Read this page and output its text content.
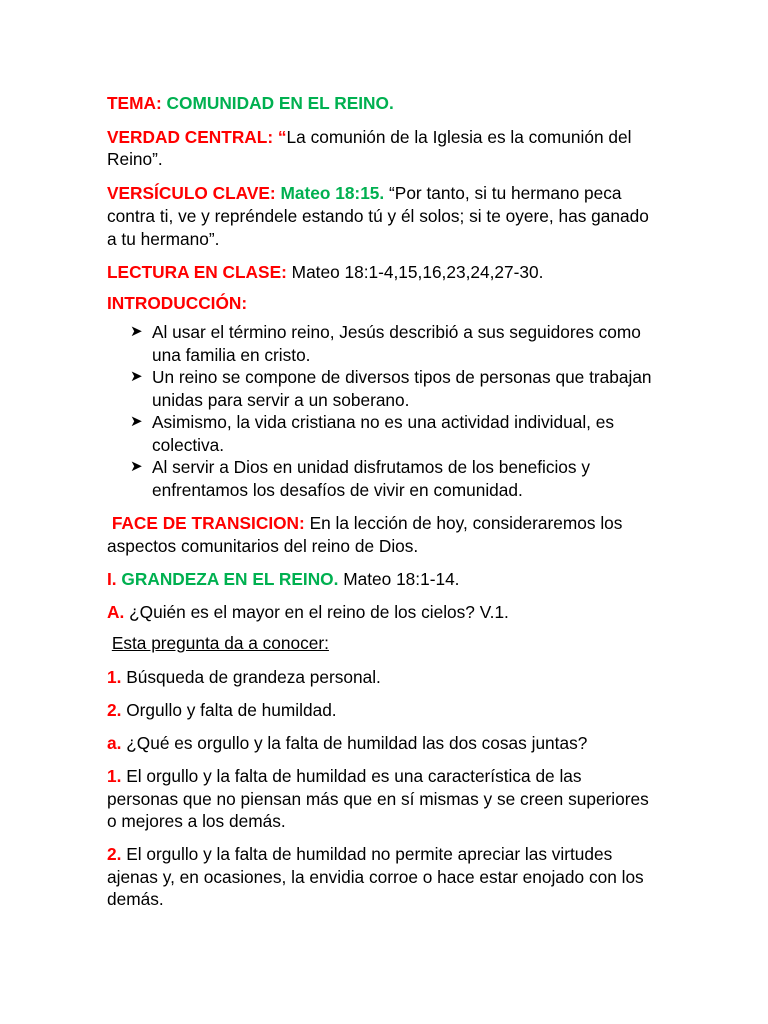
TEMA: COMUNIDAD EN EL REINO.

VERDAD CENTRAL: “La comunión de la Iglesia es la comunión del

Reino”.

VERSÍCULO CLAVE: Mateo 18:15. “Por tanto, si tu hermano peca

contra ti, ve y repréndele estando tú y él solos; si te oyere, has ganado

a tu hermano”.

LECTURA EN CLASE: Mateo 18:1-4,15,16,23,24,27-30.

INTRODUCCIÓN:

➤ Al usar el término reino, Jesús describió a sus seguidores como
una familia en cristo.
➤ Un reino se compone de diversos tipos de personas que trabajan
unidas para servir a un soberano.
➤ Asimismo, la vida cristiana no es una actividad individual, es
colectiva.
➤ Al servir a Dios en unidad disfrutamos de los beneficios y
enfrentamos los desafíos de vivir en comunidad.

FACE DE TRANSICION: En la lección de hoy, consideraremos los

aspectos comunitarios del reino de Dios.

I. GRANDEZA EN EL REINO. Mateo 18:1-14.

A. ¿Quién es el mayor en el reino de los cielos? V.1.

Esta pregunta da a conocer:

1. Búsqueda de grandeza personal.

2. Orgullo y falta de humildad.

a. ¿Qué es orgullo y la falta de humildad las dos cosas juntas?

1. El orgullo y la falta de humildad es una característica de las

personas que no piensan más que en sí mismas y se creen superiores

o mejores a los demás.

2. El orgullo y la falta de humildad no permite apreciar las virtudes

ajenas y, en ocasiones, la envidia corroe o hace estar enojado con los

demás.
